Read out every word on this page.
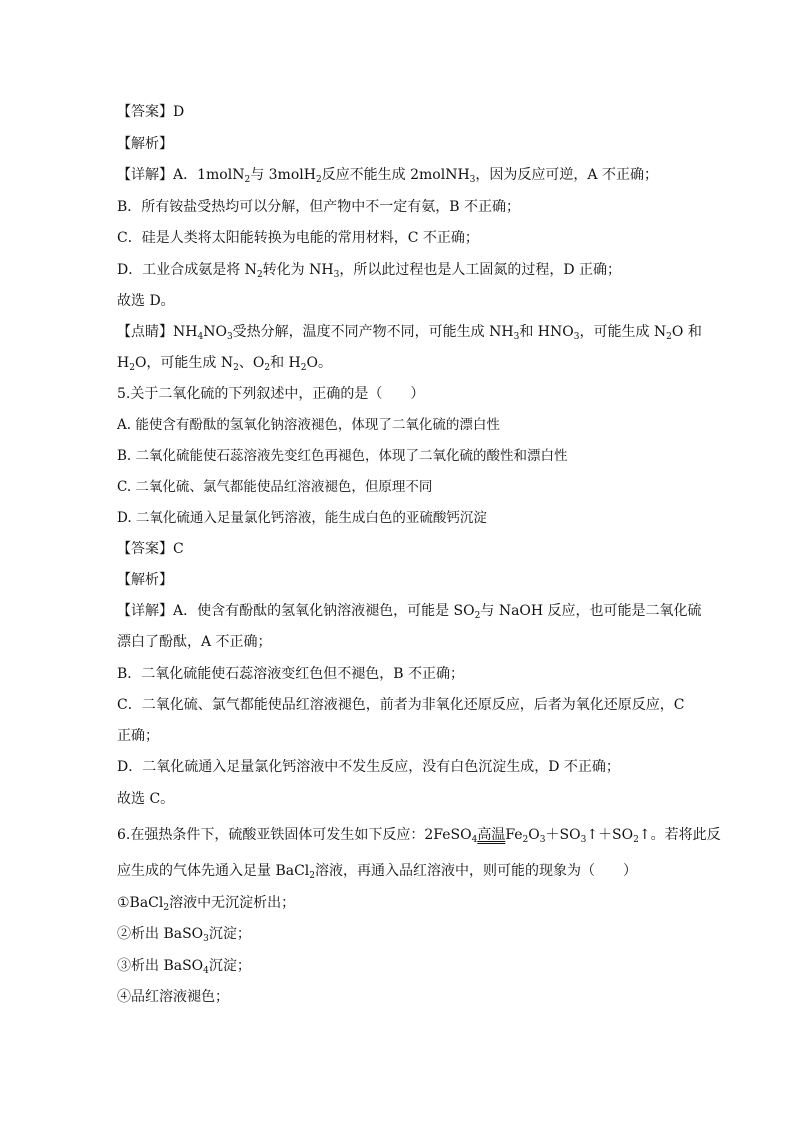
【答案】D
【解析】
【详解】A．1molN$_2$与 3molH$_2$反应不能生成 2molNH$_3$，因为反应可逆，A 不正确；
B．所有铵盐受热均可以分解，但产物中不一定有氨，B 不正确；
C．硅是人类将太阳能转换为电能的常用材料，C 不正确；
D．工业合成氨是将 $N_2$转化为 $NH_3$，所以此过程也是人工固氮的过程，D 正确；
故选 D。
【点睛】$NH_4NO_3$受热分解，温度不同产物不同，可能生成 $NH_3$和 $HNO_3$，可能生成 $N_2O$ 和
$H_2O$，可能生成 $N_2$、$O_2$和 $H_2O$。
5.关于二氧化硫的下列叙述中，正确的是（　　）
A. 能使含有酚酞的氢氧化钠溶液褪色，体现了二氧化硫的漂白性
B. 二氧化硫能使石蕊溶液先变红色再褪色，体现了二氧化硫的酸性和漂白性
C. 二氧化硫、氯气都能使品红溶液褪色，但原理不同
D. 二氧化硫通入足量氯化钙溶液，能生成白色的亚硫酸钙沉淀
【答案】C
【解析】
【详解】A．使含有酚酞的氢氧化钠溶液褪色，可能是 $SO_2$与 NaOH 反应，也可能是二氧化硫
漂白了酚酞，A 不正确；
B．二氧化硫能使石蕊溶液变红色但不褪色，B 不正确；
C．二氧化硫、氯气都能使品红溶液褪色，前者为非氧化还原反应，后者为氧化还原反应，C
正确；
D．二氧化硫通入足量氯化钙溶液中不发生反应，没有白色沉淀生成，D 不正确；
故选 C。
6.在强热条件下，硫酸亚铁固体可发生如下反应：2FeSO$_4$高温$Fe_2O_3+SO_3↑+SO_2↑$。若将此反
应生成的气体先通入足量 BaCl$_2$溶液，再通入品红溶液中，则可能的现象为（　　）
①BaCl$_2$溶液中无沉淀析出；
②析出 BaSO$_3$沉淀；
③析出 BaSO$_4$沉淀；
④品红溶液褪色；
